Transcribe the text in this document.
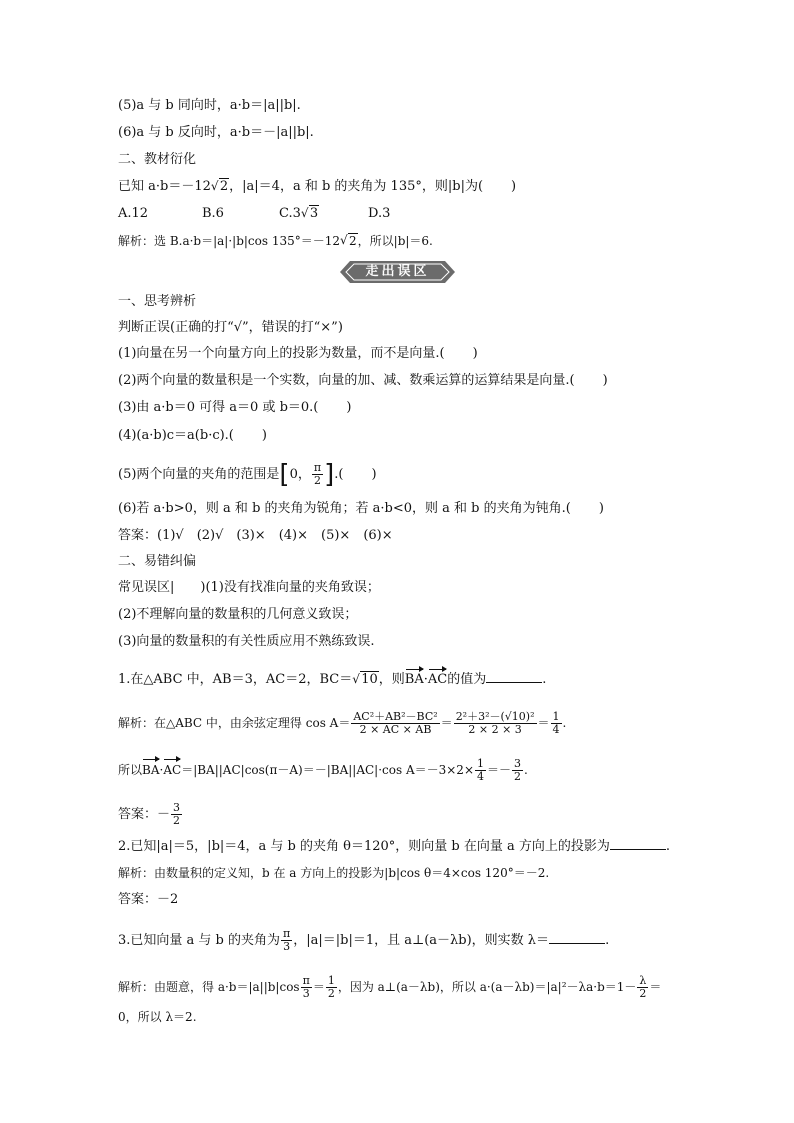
(5)a 与 b 同向时，a·b＝|a||b|.
(6)a 与 b 反向时，a·b＝－|a||b|.
二、教材衍化
已知 a·b＝－12 √ 2，|a|＝4，a 和 b 的夹角为 135°，则|b|为( )
A.12	B.6	C.3 √ 3	D.3
解析：选 B.a·b＝|a|·|b|cos 135°＝－12 √ 2，所以|b|＝6.
走出误区
一、思考辨析
判断正误(正确的打“√”，错误的打“×”)
(1)向量在另一个向量方向上的投影为数量，而不是向量.( )
(2)两个向量的数量积是一个实数，向量的加、减、数乘运算的运算结果是向量.( )
(3)由 a·b＝0 可得 a＝0 或 b＝0.( )
(4)(a·b)c＝a(b·c).( )
(5)两个向量的夹角的范围是[0， $\frac{\pi}{2}$ ].( )
(6)若 a·b>0，则 a 和 b 的夹角为锐角；若 a·b<0，则 a 和 b 的夹角为钝角.( )
答案：(1)√　(2)√　(3)×　(4)×　(5)×　(6)×
二、易错纠偏
常见误区|　　)(1)没有找准向量的夹角致误；
(2)不理解向量的数量积的几何意义致误；
(3)向量的数量积的有关性质应用不熟练致误.
1.在△ABC 中，AB＝3，AC＝2，BC＝ √ 10，则BA·AC的值为	.
解析：在△ABC 中，由余弦定理得 $\cos A= \frac{\text{AC²＋AB²－BC²}}{2 \times AC \times AB} = \frac{\text{2²＋3²－(√10)²}}{2 \times 2 \times 3} = \frac{1}{4}$ .
所以BA·AC＝|BA||AC|cos(π－A)＝－|BA||AC|·cos $A=-3\times 2\times \frac{1}{4} =- \frac{3}{2}$ .
答案：－ $\frac{3}{2}$
2.已知|a|＝5，|b|＝4，a 与 b 的夹角 θ＝120°，则向量 b 在向量 a 方向上的投影为	.
解析：由数量积的定义知，b 在 a 方向上的投影为|b|cos θ＝4×cos 120°＝－2.
答案：－2
3.已知向量 a 与 b 的夹角为 $\frac{\pi}{3}$ ，|a|＝|b|＝1，且 a⊥(a－λb)，则实数 λ＝	.
解析：由题意，得 $a\cdot b=|a||b|\cos \frac{\pi}{3} = \frac{1}{2}$ ，因为 a⊥(a－λb)，所以 $a\cdot(a-\lambda b)=|a|^2-\lambda a\cdot b=1- \frac{\lambda}{2}$ ＝
0，所以 λ＝2.
